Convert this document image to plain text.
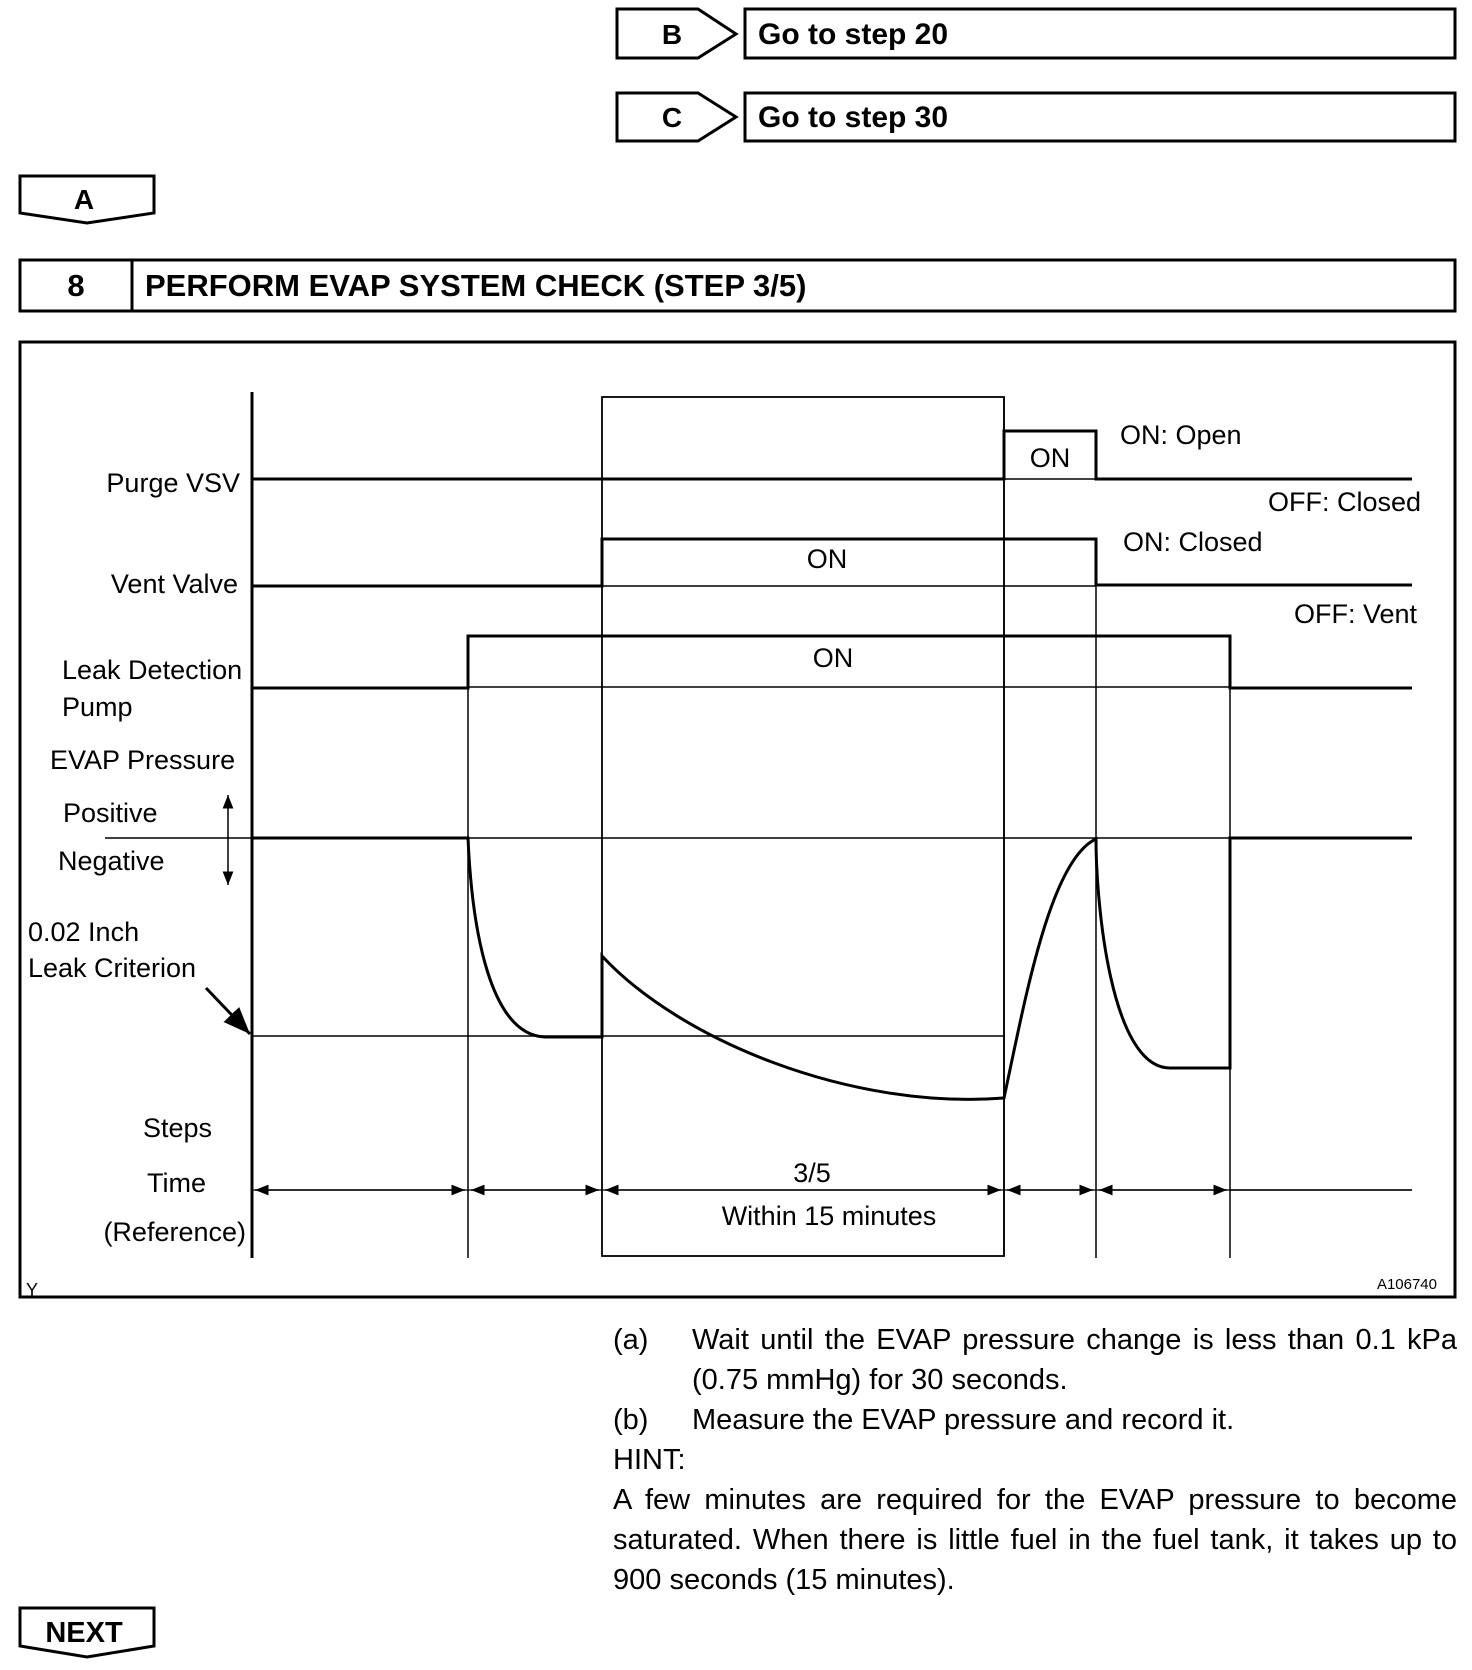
B	Go to step 20
C	Go to step 30
A
8 PERFORM EVAP SYSTEM CHECK (STEP 3/5)
Purge VSV
Vent Valve
Leak Detection
Pump
EVAP Pressure
Positive
Negative
0.02 Inch
Leak Criterion
Steps
Time
(Reference)
ON
ON
ON
ON: Open
OFF: Closed
ON: Closed
OFF: Vent
3/5
Within 15 minutes
Y	A106740
(a) Wait until the EVAP pressure change is less than 0.1 kPa
(0.75 mmHg) for 30 seconds.
(b) Measure the EVAP pressure and record it.
HINT:
A few minutes are required for the EVAP pressure to become
saturated. When there is little fuel in the fuel tank, it takes up to
900 seconds (15 minutes).
NEXT
